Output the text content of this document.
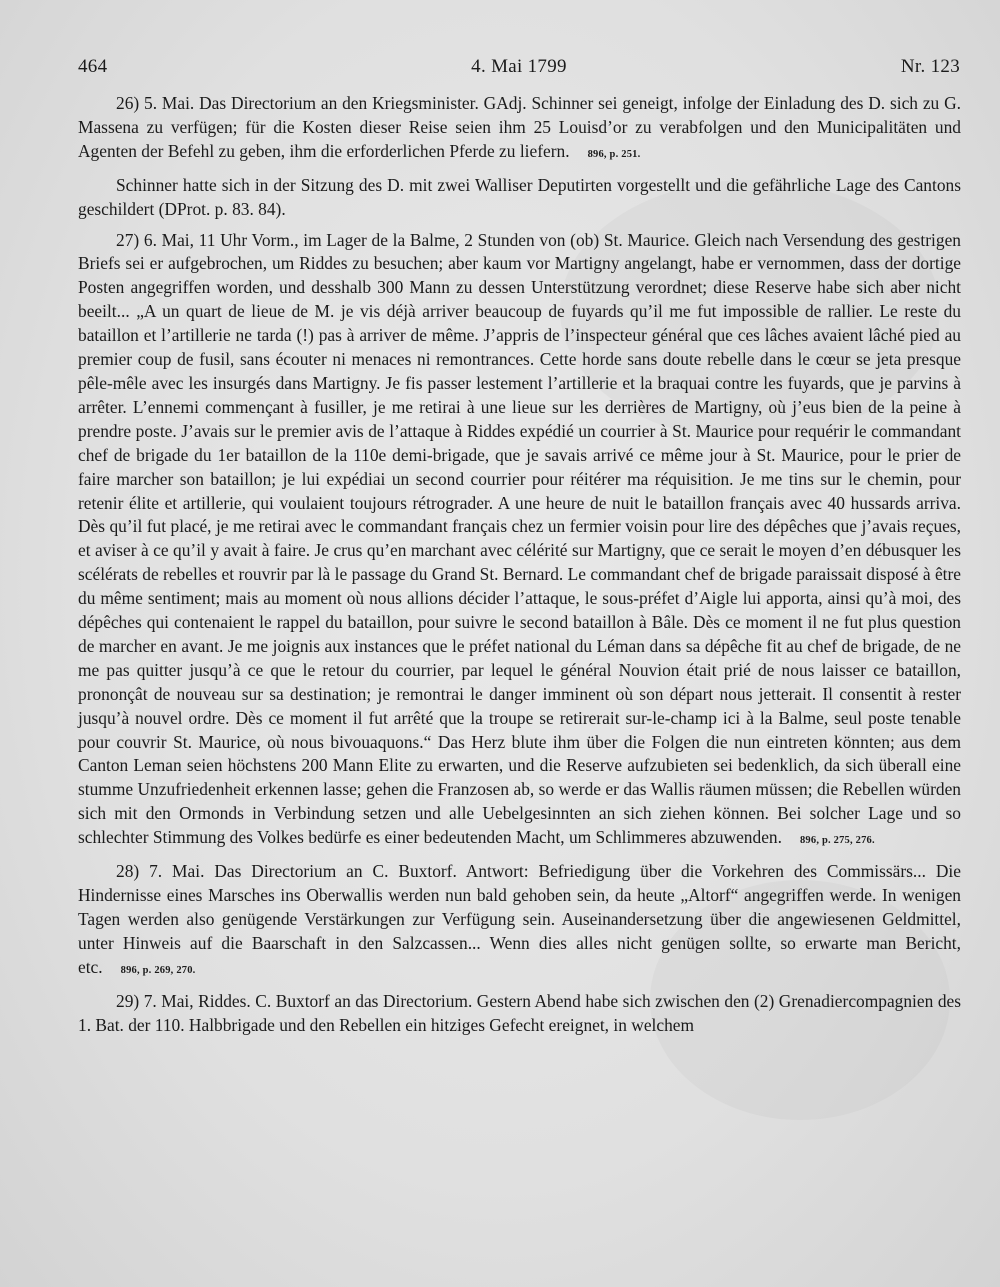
464	4. Mai 1799	Nr. 123

26) 5. Mai. Das Directorium an den Kriegsminister. GAdj. Schinner sei geneigt, infolge der Einladung des D. sich zu G. Massena zu verfügen; für die Kosten dieser Reise seien ihm 25 Louisd’or zu verabfolgen und den Municipalitäten und Agenten der Befehl zu geben, ihm die erforderlichen Pferde zu liefern. 896, p. 251.

Schinner hatte sich in der Sitzung des D. mit zwei Walliser Deputirten vorgestellt und die gefährliche Lage des Cantons geschildert (DProt. p. 83. 84).

27) 6. Mai, 11 Uhr Vorm., im Lager de la Balme, 2 Stunden von (ob) St. Maurice. Gleich nach Versendung des gestrigen Briefs sei er aufgebrochen, um Riddes zu besuchen; aber kaum vor Martigny angelangt, habe er vernommen, dass der dortige Posten angegriffen worden, und desshalb 300 Mann zu dessen Unterstützung verordnet; diese Reserve habe sich aber nicht beeilt... „A un quart de lieue de M. je vis déjà arriver beaucoup de fuyards qu’il me fut impossible de rallier. Le reste du bataillon et l’artillerie ne tarda (!) pas à arriver de même. J’appris de l’inspecteur général que ces lâches avaient lâché pied au premier coup de fusil, sans écouter ni menaces ni remontrances. Cette horde sans doute rebelle dans le cœur se jeta presque pêle-mêle avec les insurgés dans Martigny. Je fis passer lestement l’artillerie et la braquai contre les fuyards, que je parvins à arrêter. L’ennemi commençant à fusiller, je me retirai à une lieue sur les derrières de Martigny, où j’eus bien de la peine à prendre poste. J’avais sur le premier avis de l’attaque à Riddes expédié un courrier à St. Maurice pour requérir le commandant chef de brigade du 1er bataillon de la 110e demi-brigade, que je savais arrivé ce même jour à St. Maurice, pour le prier de faire marcher son bataillon; je lui expédiai un second courrier pour réitérer ma réquisition. Je me tins sur le chemin, pour retenir élite et artillerie, qui voulaient toujours rétrograder. A une heure de nuit le bataillon français avec 40 hussards arriva. Dès qu’il fut placé, je me retirai avec le commandant français chez un fermier voisin pour lire des dépêches que j’avais reçues, et aviser à ce qu’il y avait à faire. Je crus qu’en marchant avec célérité sur Martigny, que ce serait le moyen d’en débusquer les scélérats de rebelles et rouvrir par là le passage du Grand St. Bernard. Le commandant chef de brigade paraissait disposé à être du même sentiment; mais au moment où nous allions décider l’attaque, le sous-préfet d’Aigle lui apporta, ainsi qu’à moi, des dépêches qui contenaient le rappel du bataillon, pour suivre le second bataillon à Bâle. Dès ce moment il ne fut plus question de marcher en avant. Je me joignis aux instances que le préfet national du Léman dans sa dépêche fit au chef de brigade, de ne me pas quitter jusqu’à ce que le retour du courrier, par lequel le général Nouvion était prié de nous laisser ce bataillon, prononçât de nouveau sur sa destination; je remontrai le danger imminent où son départ nous jetterait. Il consentit à rester jusqu’à nouvel ordre. Dès ce moment il fut arrêté que la troupe se retirerait sur-le-champ ici à la Balme, seul poste tenable pour couvrir St. Maurice, où nous bivouaquons.“ Das Herz blute ihm über die Folgen die nun eintreten könnten; aus dem Canton Leman seien höchstens 200 Mann Elite zu erwarten, und die Reserve aufzubieten sei bedenklich, da sich überall eine stumme Unzufriedenheit erkennen lasse; gehen die Franzosen ab, so werde er das Wallis räumen müssen; die Rebellen würden sich mit den Ormonds in Verbindung setzen und alle Uebelgesinnten an sich ziehen können. Bei solcher Lage und so schlechter Stimmung des Volkes bedürfe es einer bedeutenden Macht, um Schlimmeres abzuwenden. 896, p. 275, 276.

28) 7. Mai. Das Directorium an C. Buxtorf. Antwort: Befriedigung über die Vorkehren des Commissärs... Die Hindernisse eines Marsches ins Oberwallis werden nun bald gehoben sein, da heute „Altorf“ angegriffen werde. In wenigen Tagen werden also genügende Verstärkungen zur Verfügung sein. Auseinandersetzung über die angewiesenen Geldmittel, unter Hinweis auf die Baarschaft in den Salzcassen... Wenn dies alles nicht genügen sollte, so erwarte man Bericht, etc. 896, p. 269, 270.

29) 7. Mai, Riddes. C. Buxtorf an das Directorium. Gestern Abend habe sich zwischen den (2) Grenadiercompagnien des 1. Bat. der 110. Halbbrigade und den Rebellen ein hitziges Gefecht ereignet, in welchem
